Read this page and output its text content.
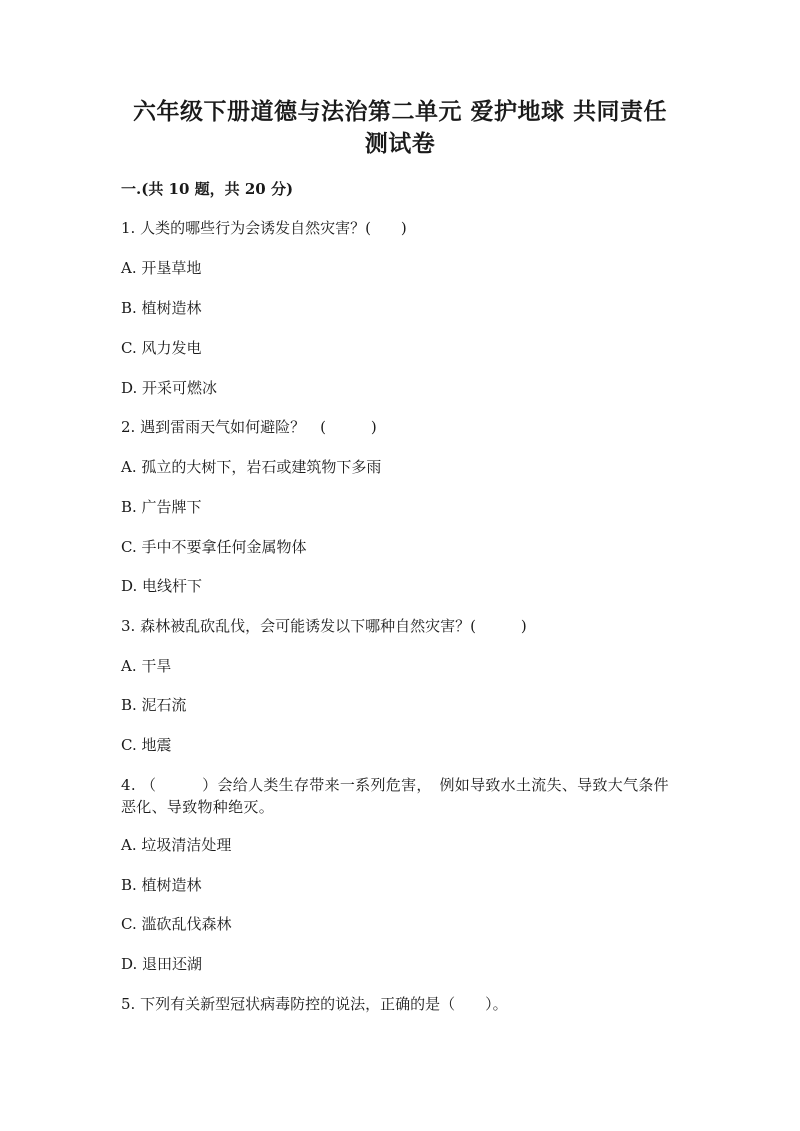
六年级下册道德与法治第二单元 爱护地球 共同责任 测试卷
一.(共 10 题，共 20 分)
1. 人类的哪些行为会诱发自然灾害？(　　)
A. 开垦草地
B. 植树造林
C. 风力发电
D. 开采可燃冰
2. 遇到雷雨天气如何避险？　(　　　)
A. 孤立的大树下，岩石或建筑物下多雨
B. 广告牌下
C. 手中不要拿任何金属物体
D. 电线杆下
3. 森林被乱砍乱伐，会可能诱发以下哪种自然灾害？(　　　)
A. 干旱
B. 泥石流
C. 地震
4. （　　　）会给人类生存带来一系列危害，　例如导致水土流失、导致大气条件恶化、导致物种绝灭。
A. 垃圾清洁处理
B. 植树造林
C. 滥砍乱伐森林
D. 退田还湖
5. 下列有关新型冠状病毒防控的说法，正确的是（　　）。
